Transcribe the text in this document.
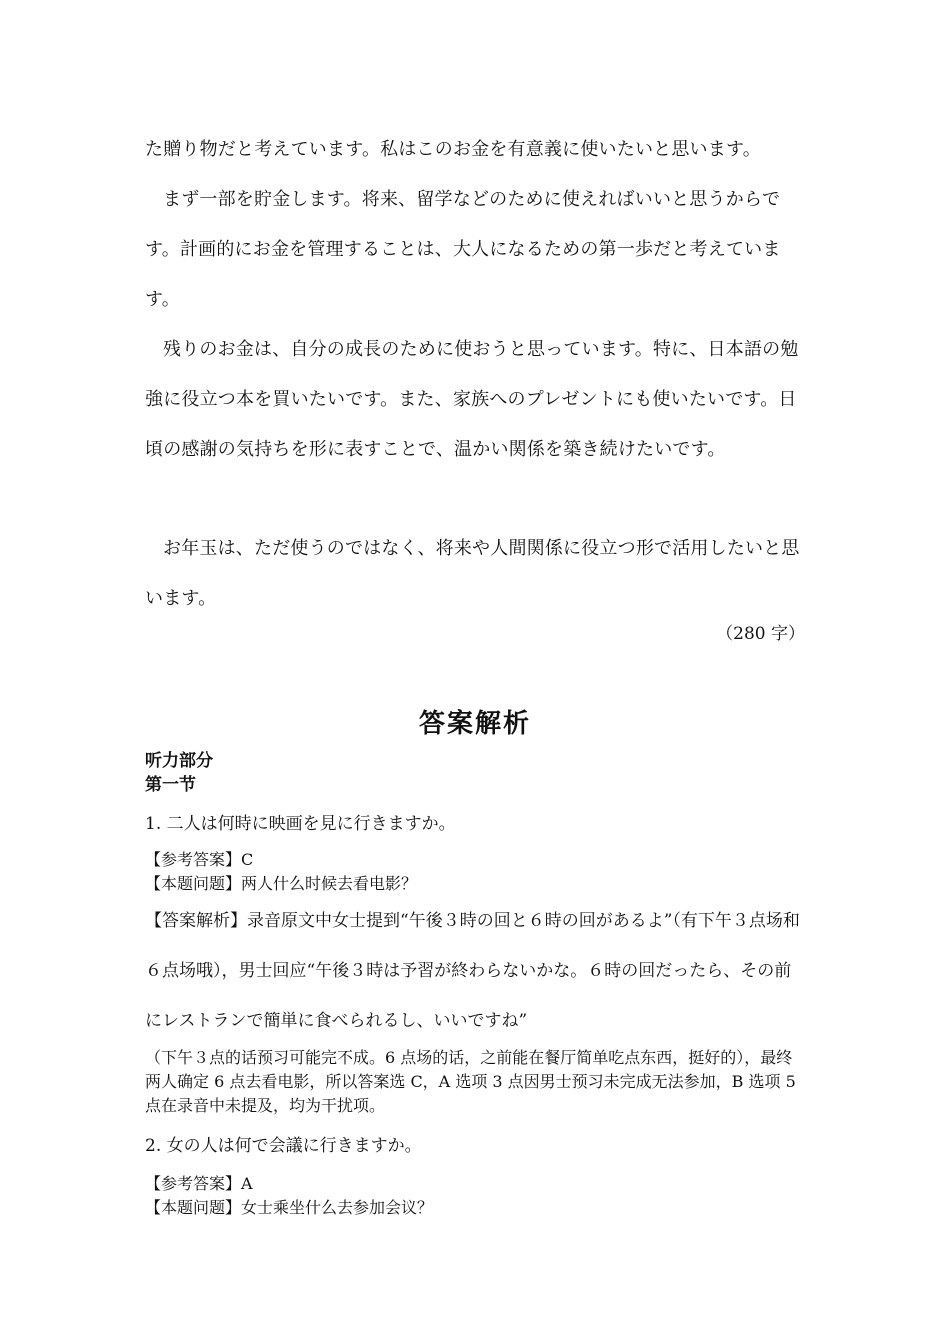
た贈り物だと考えています。私はこのお金を有意義に使いたいと思います。

まず一部を貯金します。将来、留学などのために使えればいいと思うからです。計画的にお金を管理することは、大人になるための第一歩だと考えています。

残りのお金は、自分の成長のために使おうと思っています。特に、日本語の勉強に役立つ本を買いたいです。また、家族へのプレゼントにも使いたいです。日頃の感謝の気持ちを形に表すことで、温かい関係を築き続けたいです。

お年玉は、ただ使うのではなく、将来や人間関係に役立つ形で活用したいと思います。

（280 字）

答案解析

听力部分

第一节

1. 二人は何時に映画を見に行きますか。

【参考答案】C

【本题问题】两人什么时候去看电影？

【答案解析】录音原文中女士提到“午後３時の回と６時の回があるよ”（有下午３点场和６点场哦），男士回应“午後３時は予習が終わらないかな。６時の回だったら、その前にレストランで簡単に食べられるし、いいですね”

（下午３点的话预习可能完不成。6 点场的话，之前能在餐厅简单吃点东西，挺好的），最终两人确定 6 点去看电影，所以答案选 C，A 选项 3 点因男士预习未完成无法参加，B 选项 5 点在录音中未提及，均为干扰项。

2. 女の人は何で会議に行きますか。

【参考答案】A

【本题问题】女士乘坐什么去参加会议？
